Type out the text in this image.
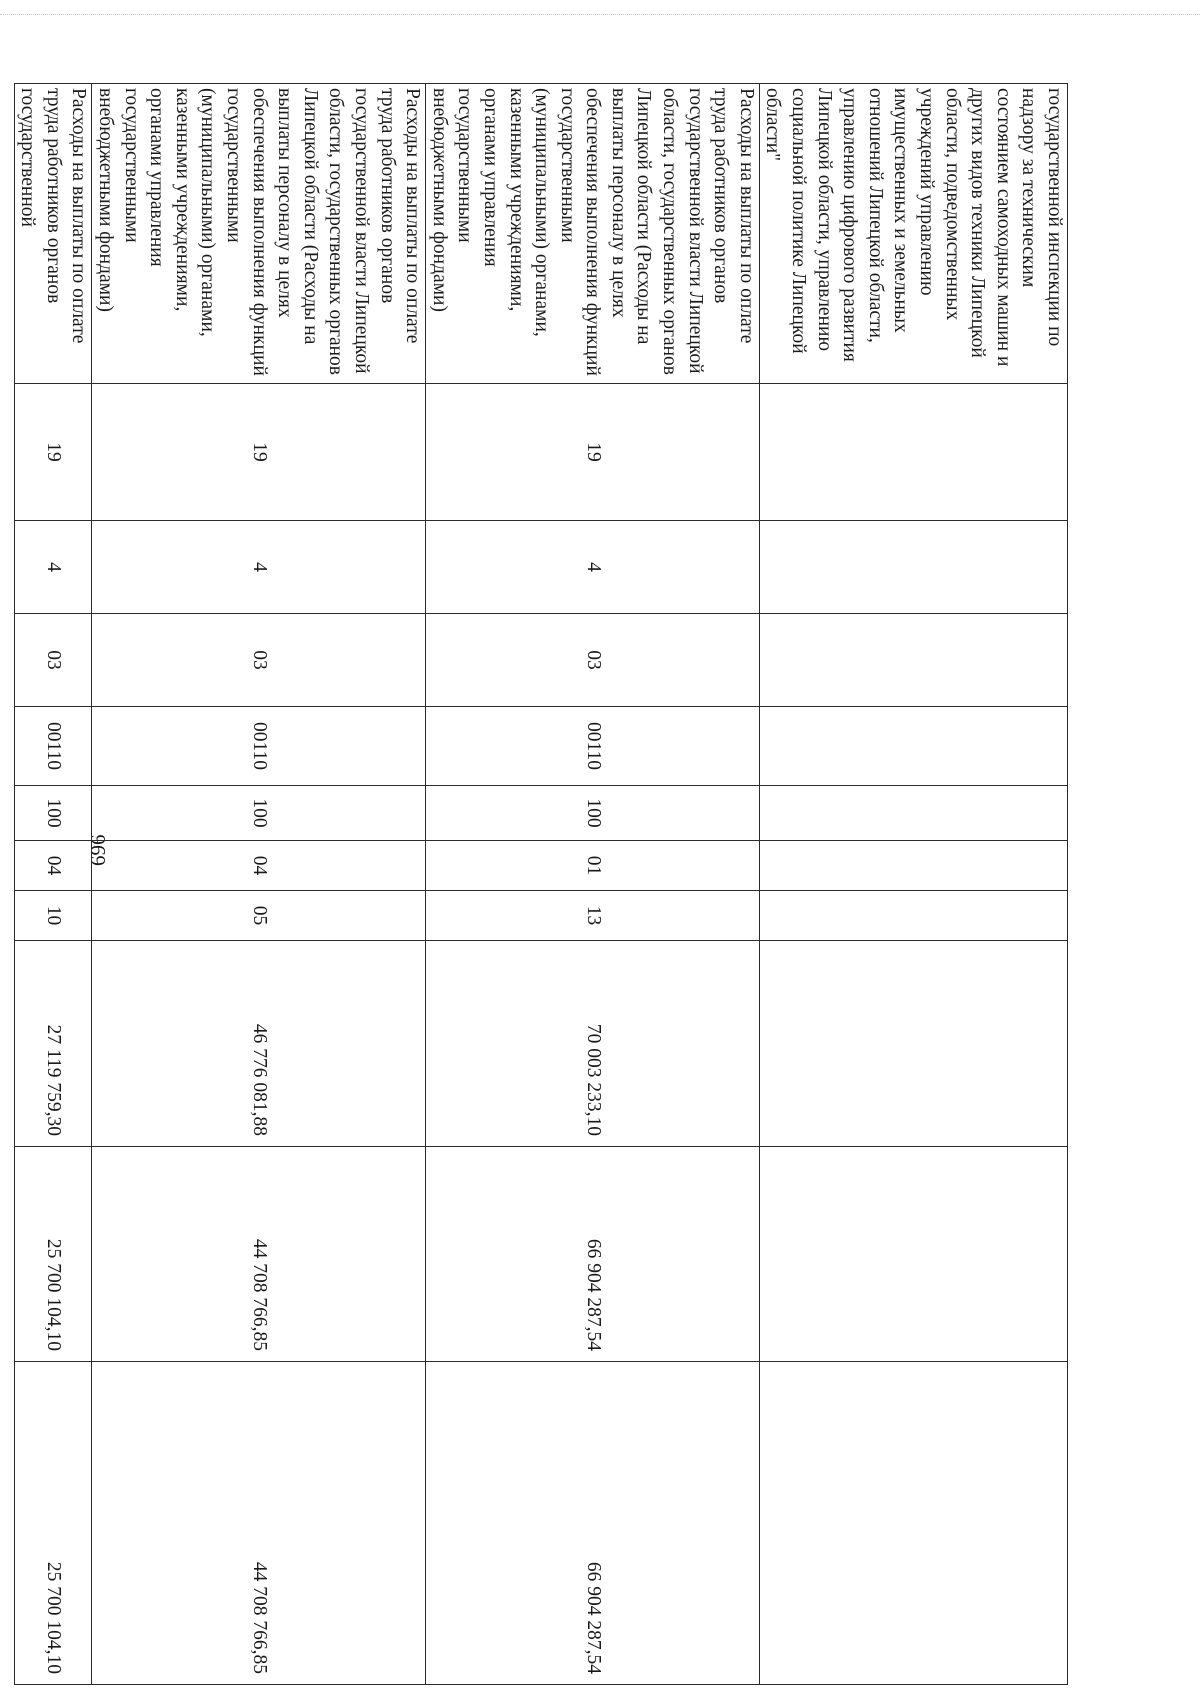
696
государственной инспекции по надзору за техническим состоянием самоходных машин и других видов техники Липецкой области, подведомственных учреждений управлению имущественных и земельных отношений Липецкой области, управлению цифрового развития Липецкой области, управлению социальной политике Липецкой области"										
Расходы на выплаты по оплате труда работников органов государственной власти Липецкой области, государственных органов Липецкой области (Расходы на выплаты персоналу в целях обеспечения выполнения функций государственными (муниципальными) органами, казенными учреждениями, органами управления государственными внебюджетными фондами)	19	4	03	00110	100	01	13	70 003 233,10	66 904 287,54	66 904 287,54
Расходы на выплаты по оплате труда работников органов государственной власти Липецкой области, государственных органов Липецкой области (Расходы на выплаты персоналу в целях обеспечения выполнения функций государственными (муниципальными) органами, казенными учреждениями, органами управления государственными внебюджетными фондами)	19	4	03	00110	100	04	05	46 776 081,88	44 708 766,85	44 708 766,85
Расходы на выплаты по оплате труда работников органов государственной	19	4	03	00110	100	04	10	27 119 759,30	25 700 104,10	25 700 104,10
